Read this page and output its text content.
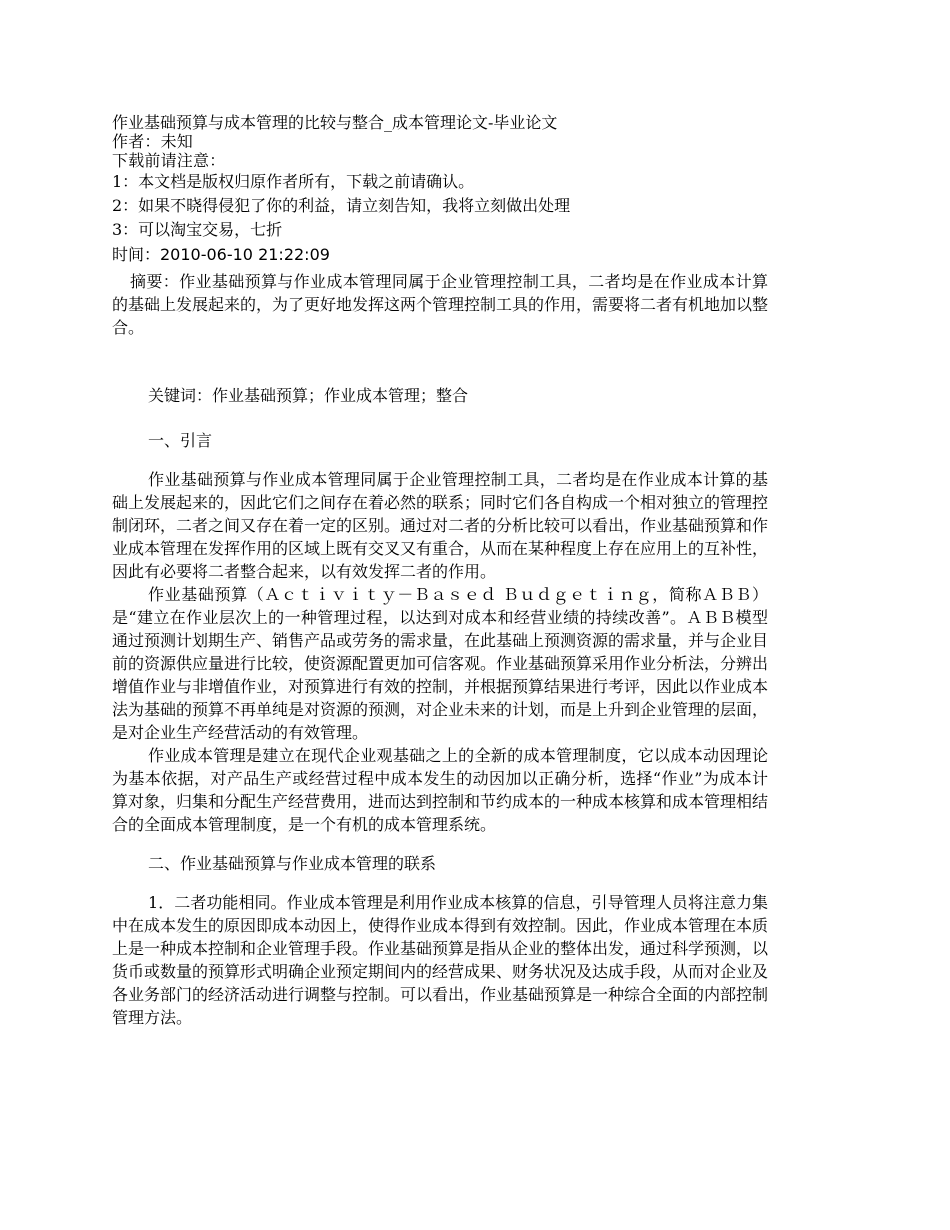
作业基础预算与成本管理的比较与整合_成本管理论文-毕业论文
作者：未知
下载前请注意：
1：本文档是版权归原作者所有，下载之前请确认。
2：如果不晓得侵犯了你的利益，请立刻告知，我将立刻做出处理
3：可以淘宝交易，七折
时间：2010-06-10 21:22:09

摘要：作业基础预算与作业成本管理同属于企业管理控制工具，二者均是在作业成本计算的基础上发展起来的，为了更好地发挥这两个管理控制工具的作用，需要将二者有机地加以整合。

关键词：作业基础预算；作业成本管理；整合

一、引言

作业基础预算与作业成本管理同属于企业管理控制工具，二者均是在作业成本计算的基础上发展起来的，因此它们之间存在着必然的联系；同时它们各自构成一个相对独立的管理控制闭环，二者之间又存在着一定的区别。通过对二者的分析比较可以看出，作业基础预算和作业成本管理在发挥作用的区域上既有交叉又有重合，从而在某种程度上存在应用上的互补性，因此有必要将二者整合起来，以有效发挥二者的作用。

作业基础预算（Ａｃｔｉｖｉｔｙ－Ｂａｓｅｄ Ｂｕｄｇｅｔｉｎｇ，简称ＡＢＢ）是“建立在作业层次上的一种管理过程，以达到对成本和经营业绩的持续改善”。ＡＢＢ模型通过预测计划期生产、销售产品或劳务的需求量，在此基础上预测资源的需求量，并与企业目前的资源供应量进行比较，使资源配置更加可信客观。作业基础预算采用作业分析法，分辨出增值作业与非增值作业，对预算进行有效的控制，并根据预算结果进行考评，因此以作业成本法为基础的预算不再单纯是对资源的预测，对企业未来的计划，而是上升到企业管理的层面，是对企业生产经营活动的有效管理。

作业成本管理是建立在现代企业观基础之上的全新的成本管理制度，它以成本动因理论为基本依据，对产品生产或经营过程中成本发生的动因加以正确分析，选择“作业”为成本计算对象，归集和分配生产经营费用，进而达到控制和节约成本的一种成本核算和成本管理相结合的全面成本管理制度，是一个有机的成本管理系统。

二、作业基础预算与作业成本管理的联系

1．二者功能相同。作业成本管理是利用作业成本核算的信息，引导管理人员将注意力集中在成本发生的原因即成本动因上，使得作业成本得到有效控制。因此，作业成本管理在本质上是一种成本控制和企业管理手段。作业基础预算是指从企业的整体出发，通过科学预测，以货币或数量的预算形式明确企业预定期间内的经营成果、财务状况及达成手段，从而对企业及各业务部门的经济活动进行调整与控制。可以看出，作业基础预算是一种综合全面的内部控制管理方法。
